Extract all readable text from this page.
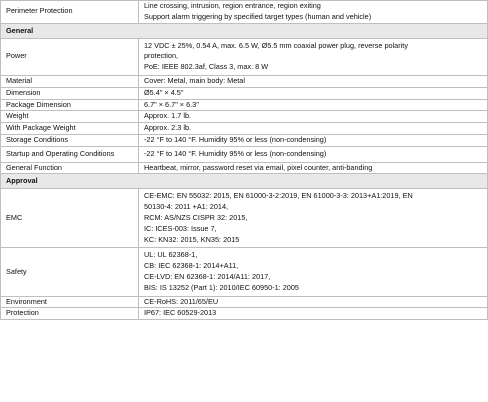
Perimeter Protection	Line crossing, intrusion, region entrance, region exiting
Support alarm triggering by specified target types (human and vehicle)

General	
Power	12 VDC ± 25%, 0.54 A, max. 6.5 W, Ø5.5 mm coaxial power plug, reverse polarity
protection,
PoE: IEEE 802.3af, Class 3, max. 8 W

Material	Cover: Metal, main body: Metal

Dimension	Ø5.4" × 4.5"

Package Dimension	6.7" × 6.7" × 6.3"

Weight	Approx. 1.7 lb.

With Package Weight	Approx. 2.3 lb.

Storage Conditions	-22 °F to 140 °F. Humidity 95% or less (non-condensing)

Startup and Operating Conditions	-22 °F to 140 °F. Humidity 95% or less (non-condensing)

General Function	Heartbeat, mirror, password reset via email, pixel counter, anti-banding

Approval	
EMC	CE-EMC: EN 55032: 2015, EN 61000-3-2:2019, EN 61000-3-3: 2013+A1:2019, EN
50130-4: 2011 +A1: 2014,
RCM: AS/NZS CISPR 32: 2015,
IC: ICES-003: Issue 7,
KC: KN32: 2015, KN35: 2015

Safety	UL: UL 62368-1,
CB: IEC 62368-1: 2014+A11,
CE-LVD: EN 62368-1: 2014/A11: 2017,
BIS: IS 13252 (Part 1): 2010/IEC 60950-1: 2005

Environment	CE-RoHS: 2011/65/EU

Protection	IP67: IEC 60529-2013
